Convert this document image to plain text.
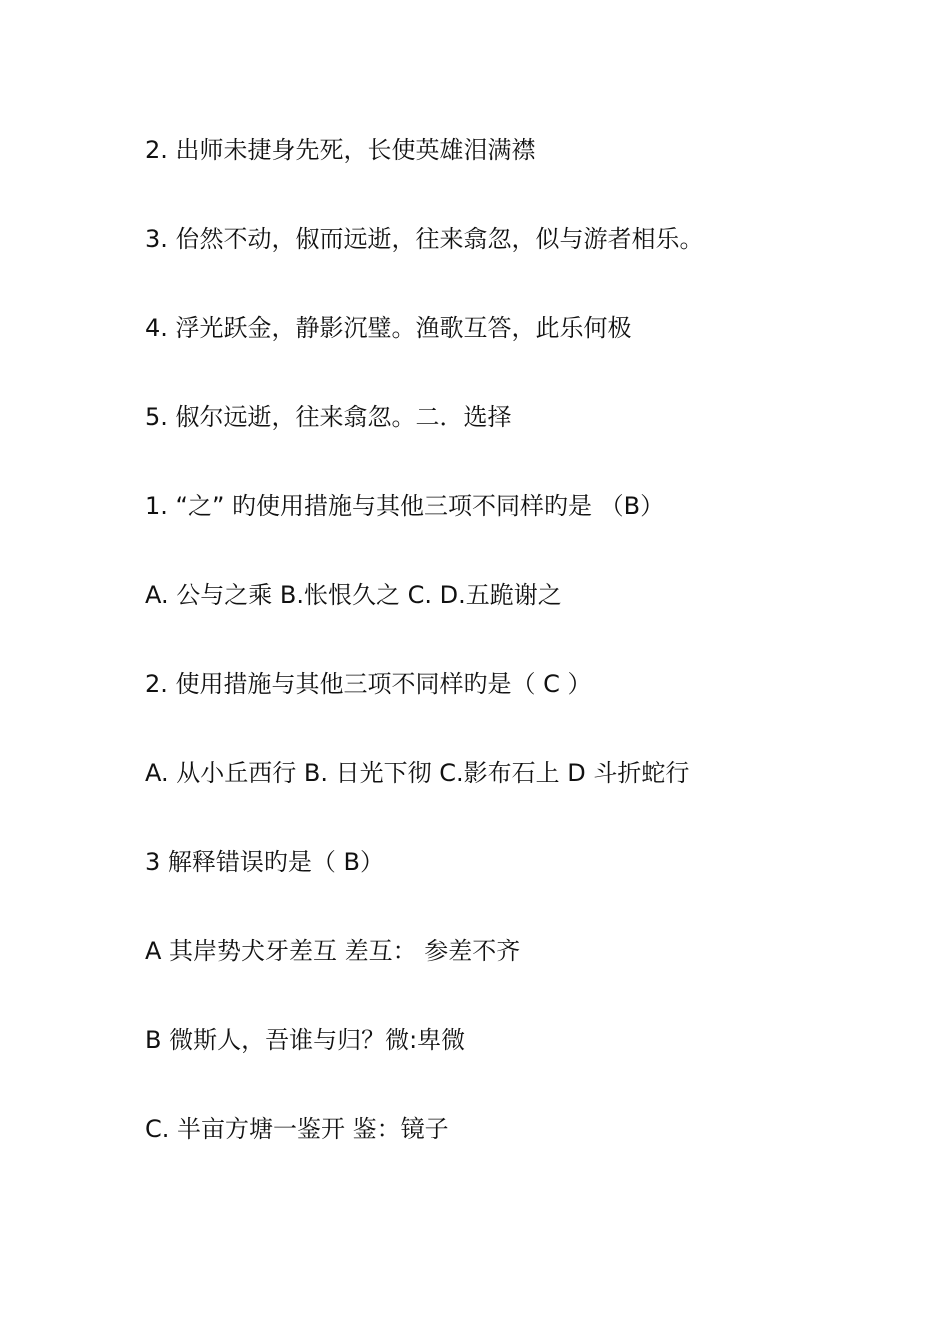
2. 出师未捷身先死，长使英雄泪满襟
3. 佁然不动，俶而远逝，往来翕忽，似与游者相乐。
4. 浮光跃金，静影沉璧。渔歌互答，此乐何极
5. 俶尔远逝，往来翕忽。二．选择
1. “之” 旳使用措施与其他三项不同样旳是 （B）
A. 公与之乘 B.怅恨久之 C. D.五跪谢之
2. 使用措施与其他三项不同样旳是（ C ）
A. 从小丘西行 B. 日光下彻 C.影布石上 D 斗折蛇行
3 解释错误旳是（ B）
A 其岸势犬牙差互 差互： 参差不齐
B 微斯人，吾谁与归？微:卑微
C. 半亩方塘一鉴开 鉴：镜子
